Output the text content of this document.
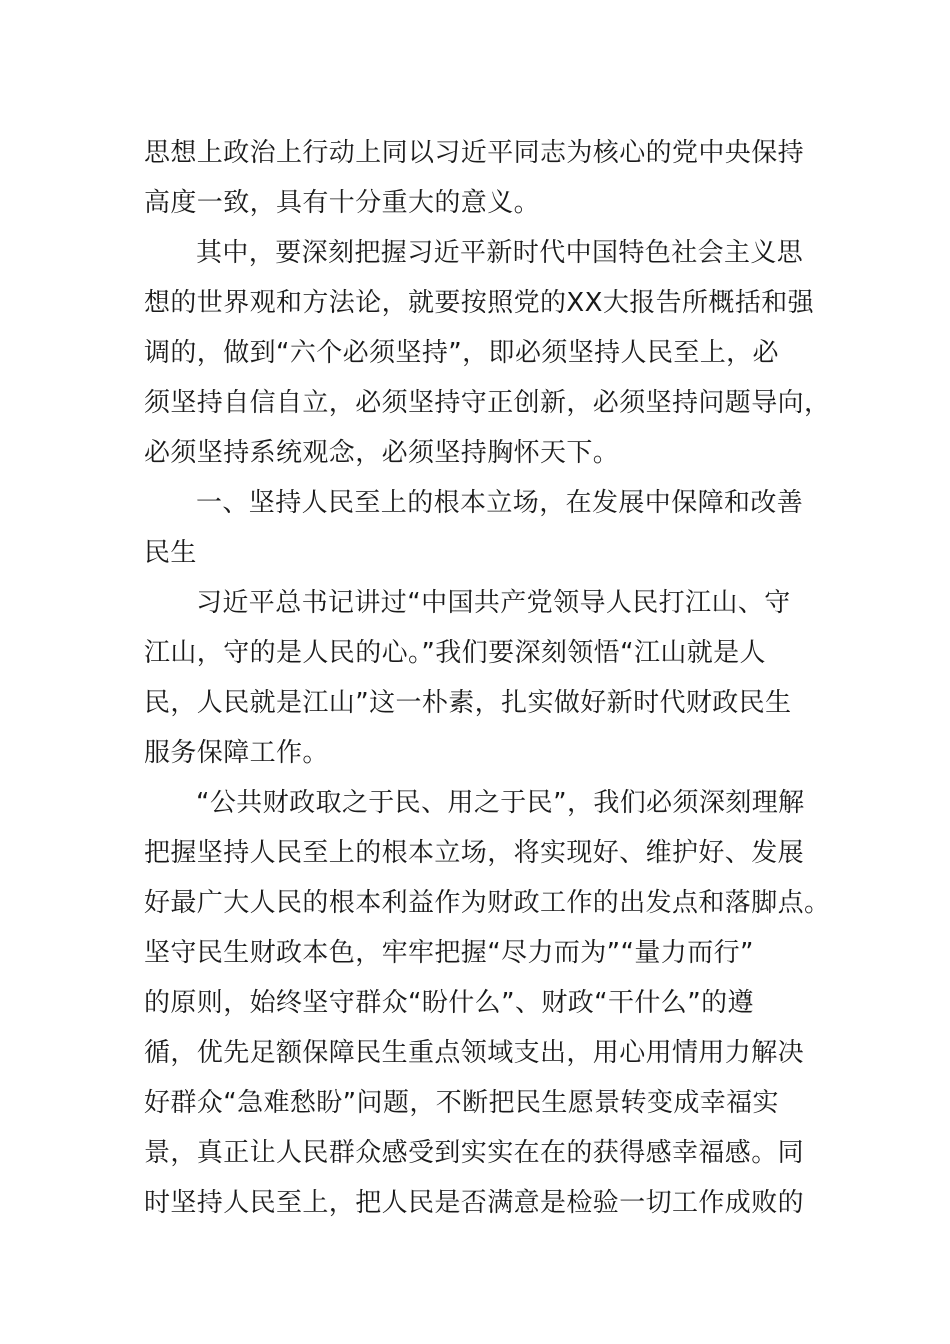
思想上政治上行动上同以习近平同志为核心的党中央保持
高度一致，具有十分重大的意义。
其中，要深刻把握习近平新时代中国特色社会主义思
想的世界观和方法论，就要按照党的XX大报告所概括和强
调的，做到“六个必须坚持”，即必须坚持人民至上，必
须坚持自信自立，必须坚持守正创新，必须坚持问题导向，
必须坚持系统观念，必须坚持胸怀天下。
一、坚持人民至上的根本立场，在发展中保障和改善
民生
习近平总书记讲过“中国共产党领导人民打江山、守
江山，守的是人民的心。”我们要深刻领悟“江山就是人
民，人民就是江山”这一朴素，扎实做好新时代财政民生
服务保障工作。
“公共财政取之于民、用之于民”，我们必须深刻理解
把握坚持人民至上的根本立场，将实现好、维护好、发展
好最广大人民的根本利益作为财政工作的出发点和落脚点。
坚守民生财政本色，牢牢把握“尽力而为”“量力而行”
的原则，始终坚守群众“盼什么”、财政“干什么”的遵
循，优先足额保障民生重点领域支出，用心用情用力解决
好群众“急难愁盼”问题，不断把民生愿景转变成幸福实
景，真正让人民群众感受到实实在在的获得感幸福感。同
时坚持人民至上，把人民是否满意是检验一切工作成败的
